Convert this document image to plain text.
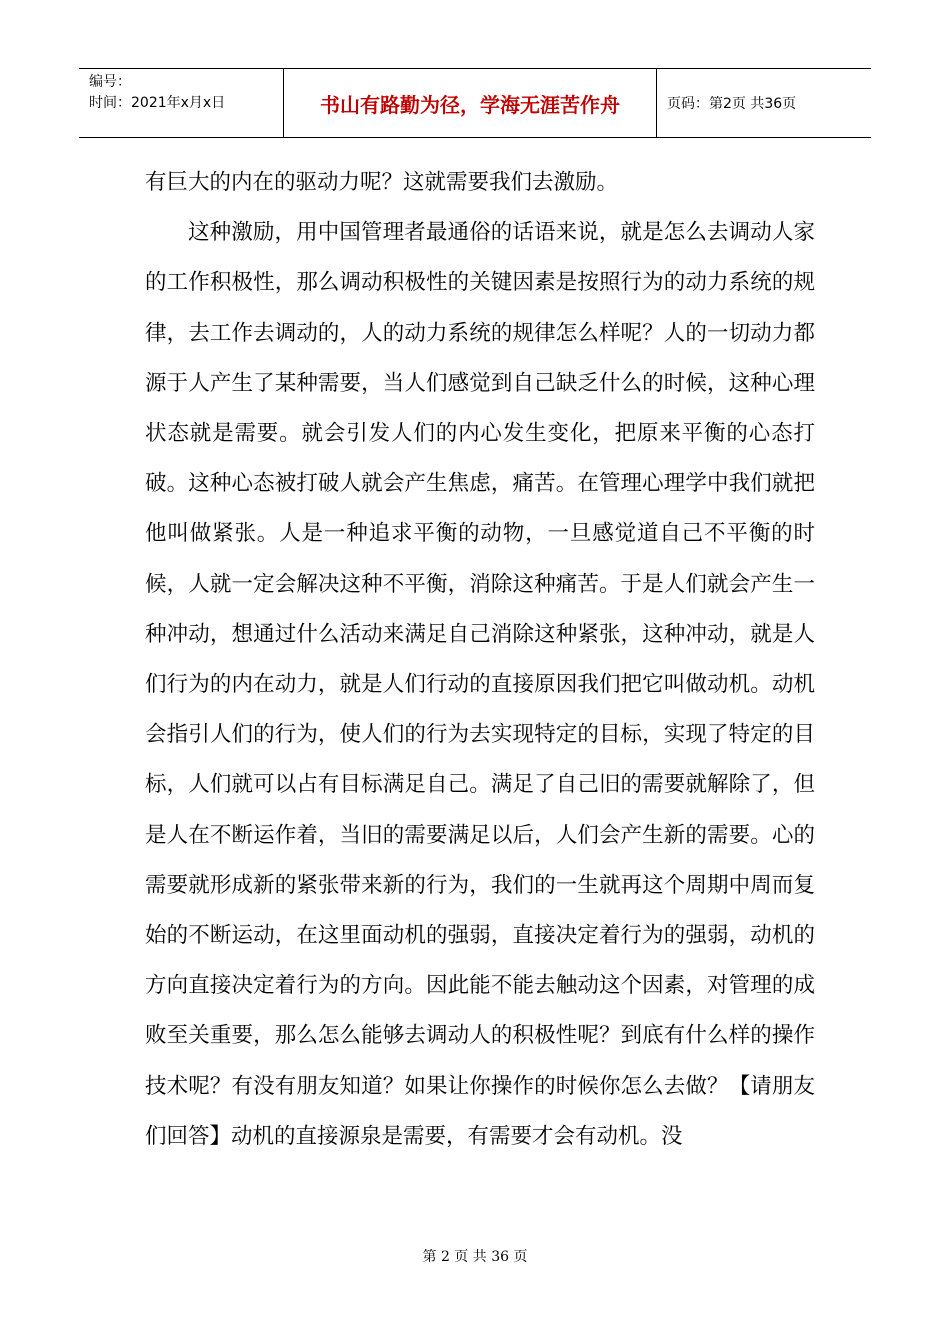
编号：
时间：2021年x月x日	书山有路勤为径，学海无涯苦作舟	页码：第2页 共36页

有巨大的内在的驱动力呢？这就需要我们去激励。

这种激励，用中国管理者最通俗的话语来说，就是怎么去调动人家的工作积极性，那么调动积极性的关键因素是按照行为的动力系统的规律，去工作去调动的，人的动力系统的规律怎么样呢？人的一切动力都源于人产生了某种需要，当人们感觉到自己缺乏什么的时候，这种心理状态就是需要。就会引发人们的内心发生变化，把原来平衡的心态打破。这种心态被打破人就会产生焦虑，痛苦。在管理心理学中我们就把他叫做紧张。人是一种追求平衡的动物，一旦感觉道自己不平衡的时候，人就一定会解决这种不平衡，消除这种痛苦。于是人们就会产生一种冲动，想通过什么活动来满足自己消除这种紧张，这种冲动，就是人们行为的内在动力，就是人们行动的直接原因我们把它叫做动机。动机会指引人们的行为，使人们的行为去实现特定的目标，实现了特定的目标，人们就可以占有目标满足自己。满足了自己旧的需要就解除了，但是人在不断运作着，当旧的需要满足以后，人们会产生新的需要。心的需要就形成新的紧张带来新的行为，我们的一生就再这个周期中周而复始的不断运动，在这里面动机的强弱，直接决定着行为的强弱，动机的方向直接决定着行为的方向。因此能不能去触动这个因素，对管理的成败至关重要，那么怎么能够去调动人的积极性呢？到底有什么样的操作技术呢？有没有朋友知道？如果让你操作的时候你怎么去做？【请朋友们回答】动机的直接源泉是需要，有需要才会有动机。没

第 2 页 共 36 页
